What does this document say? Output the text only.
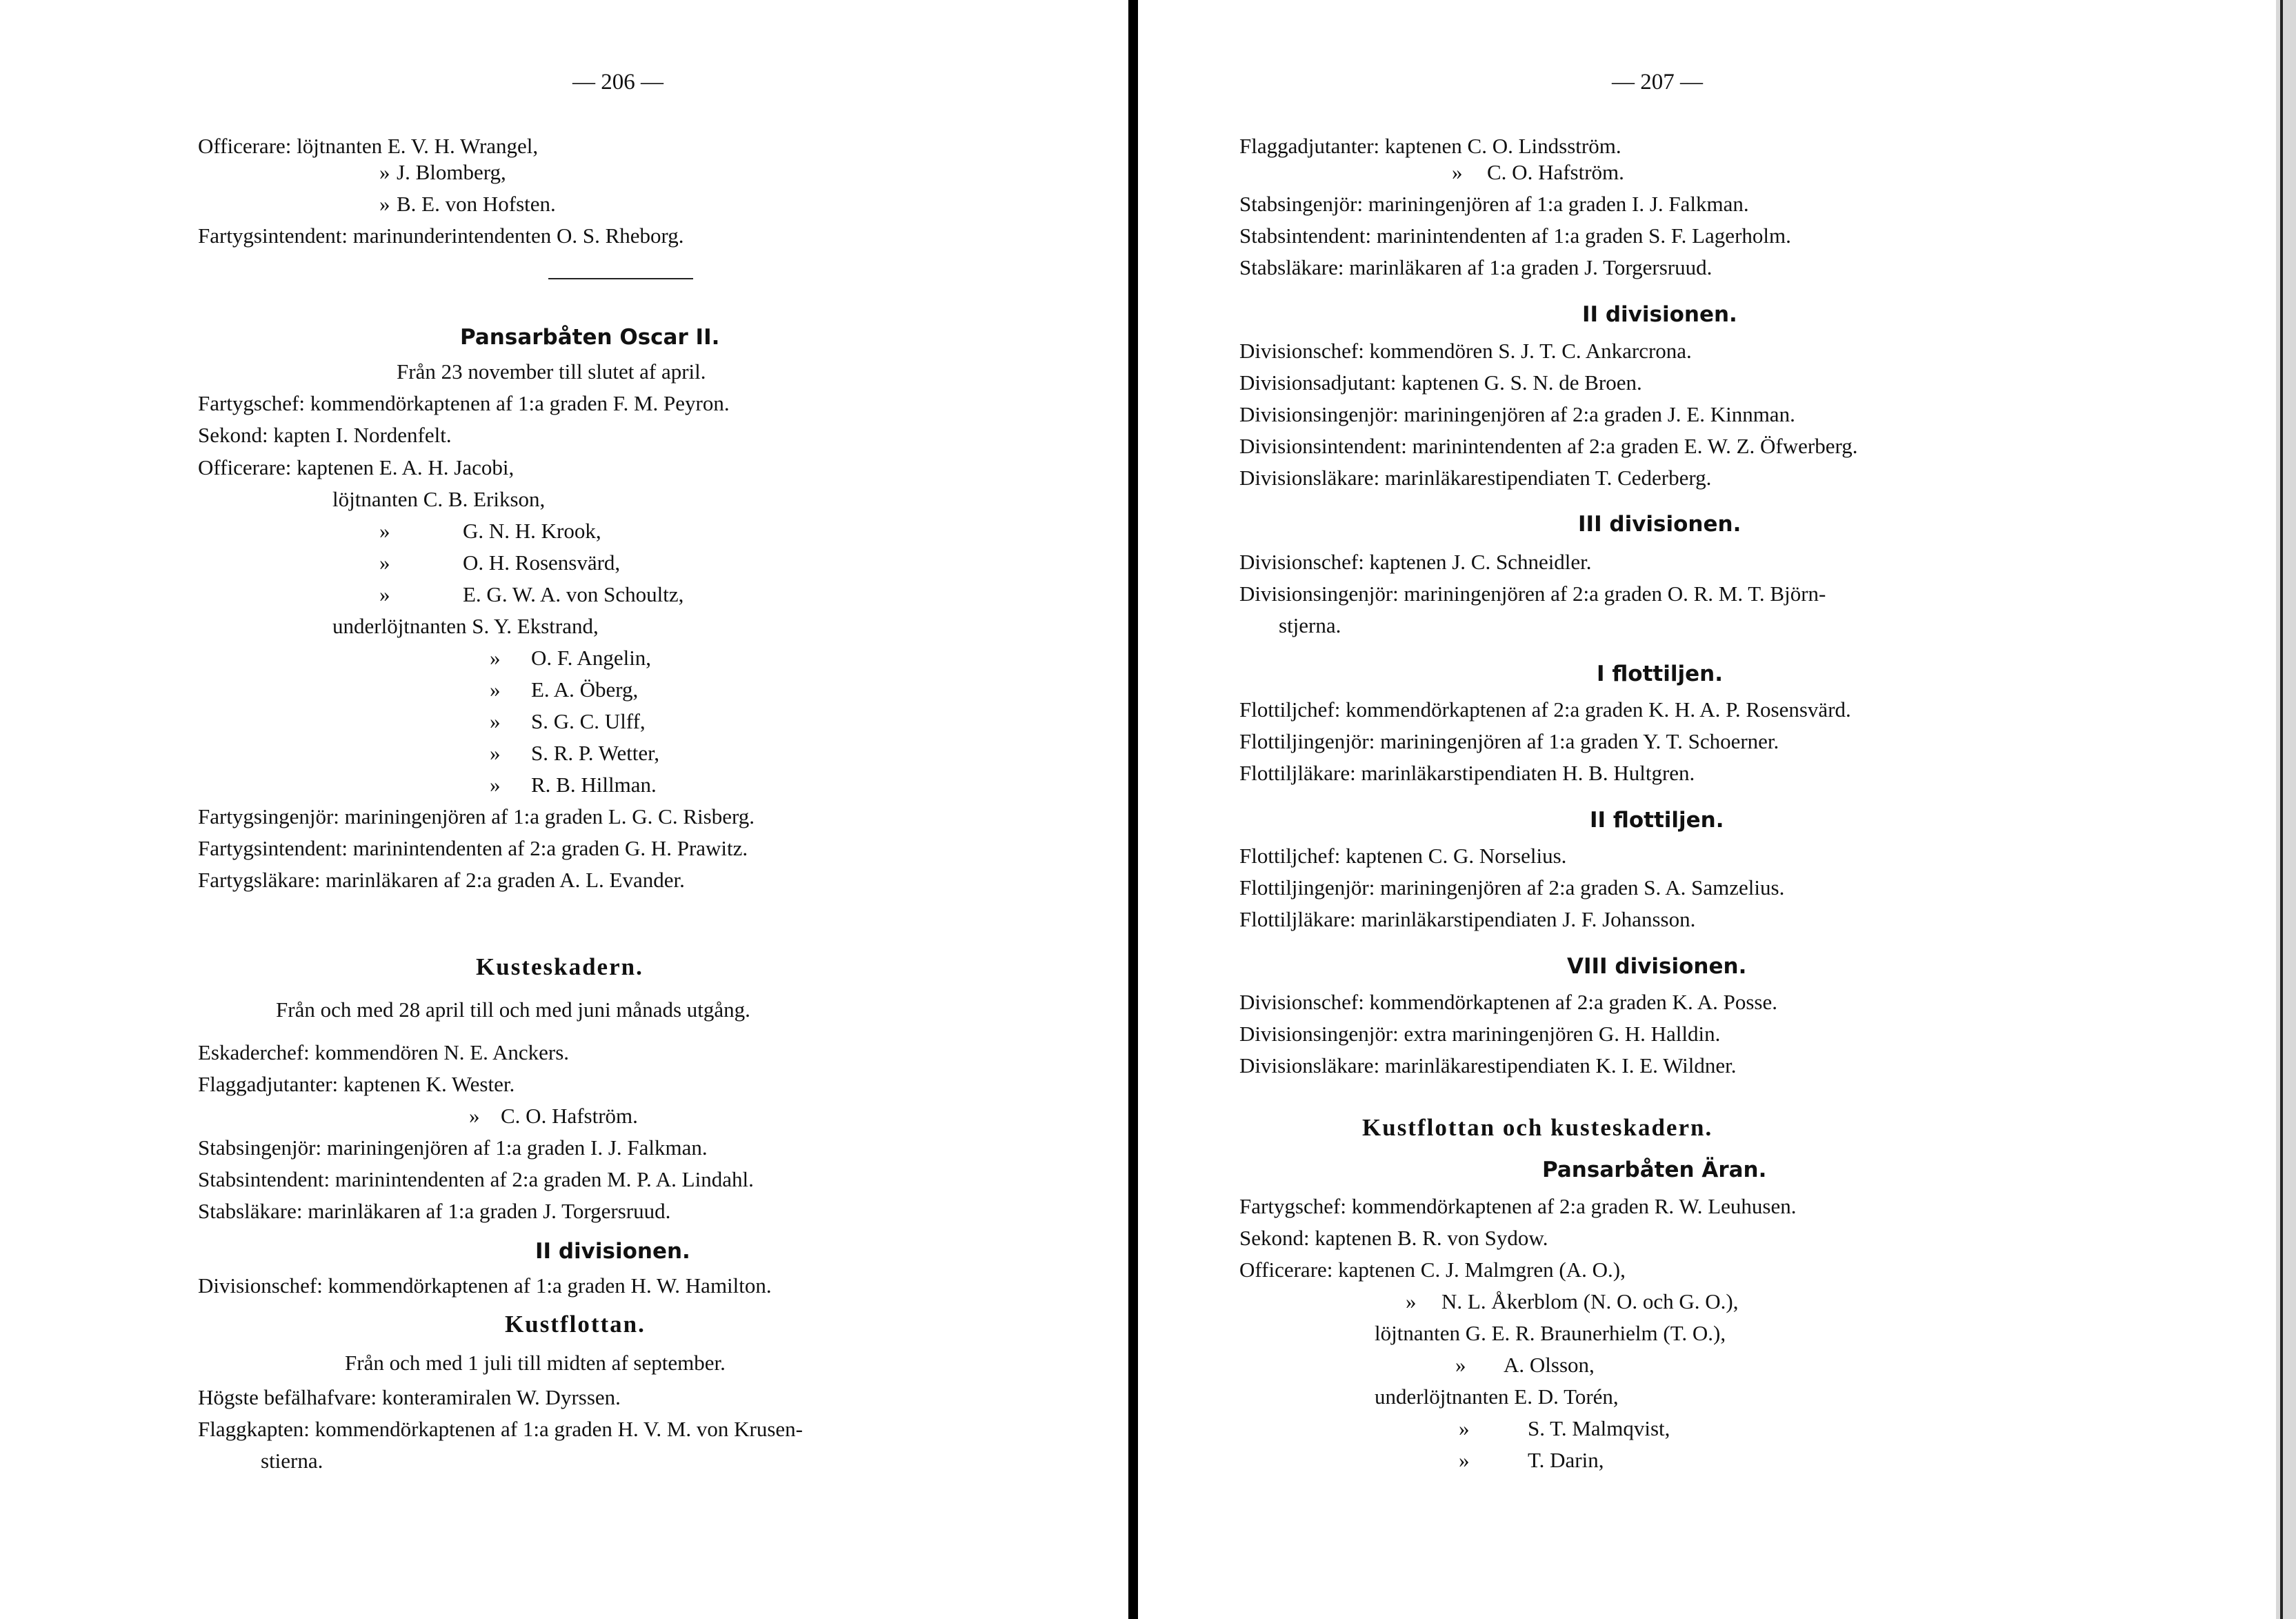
— 206 —
Officerare: löjtnanten E. V. H. Wrangel,
» J. Blomberg,
» B. E. von Hofsten.
Fartygsintendent: marinunderintendenten O. S. Rheborg.
Pansarbåten Oscar II.
Från 23 november till slutet af april.
Fartygschef: kommendörkaptenen af 1:a graden F. M. Peyron.
Sekond: kapten I. Nordenfelt.
Officerare: kaptenen E. A. H. Jacobi,
löjtnanten C. B. Erikson,
»	G. N. H. Krook,
»	O. H. Rosensvärd,
»	E. G. W. A. von Schoultz,
underlöjtnanten S. Y. Ekstrand,
» O. F. Angelin,
» E. A. Öberg,
» S. G. C. Ulff,
» S. R. P. Wetter,
» R. B. Hillman.
Fartygsingenjör: mariningenjören af 1:a graden L. G. C. Risberg.
Fartygsintendent: marinintendenten af 2:a graden G. H. Prawitz.
Fartygsläkare: marinläkaren af 2:a graden A. L. Evander.
Kusteskadern.
Från och med 28 april till och med juni månads utgång.
Eskaderchef: kommendören N. E. Anckers.
Flaggadjutanter: kaptenen K. Wester.
» C. O. Hafström.
Stabsingenjör: mariningenjören af 1:a graden I. J. Falkman.
Stabsintendent: marinintendenten af 2:a graden M. P. A. Lindahl.
Stabsläkare: marinläkaren af 1:a graden J. Torgersruud.
II divisionen.
Divisionschef: kommendörkaptenen af 1:a graden H. W. Hamilton.
Kustflottan.
Från och med 1 juli till midten af september.
Högste befälhafvare: konteramiralen W. Dyrssen.
Flaggkapten: kommendörkaptenen af 1:a graden H. V. M. von Krusen-
stierna.
— 207 —
Flaggadjutanter: kaptenen C. O. Lindsström.
» C. O. Hafström.
Stabsingenjör: mariningenjören af 1:a graden I. J. Falkman.
Stabsintendent: marinintendenten af 1:a graden S. F. Lagerholm.
Stabsläkare: marinläkaren af 1:a graden J. Torgersruud.
II divisionen.
Divisionschef: kommendören S. J. T. C. Ankarcrona.
Divisionsadjutant: kaptenen G. S. N. de Broen.
Divisionsingenjör: mariningenjören af 2:a graden J. E. Kinnman.
Divisionsintendent: marinintendenten af 2:a graden E. W. Z. Öfwerberg.
Divisionsläkare: marinläkarestipendiaten T. Cederberg.
III divisionen.
Divisionschef: kaptenen J. C. Schneidler.
Divisionsingenjör: mariningenjören af 2:a graden O. R. M. T. Björn-
stjerna.
I flottiljen.
Flottiljchef: kommendörkaptenen af 2:a graden K. H. A. P. Rosensvärd.
Flottiljingenjör: mariningenjören af 1:a graden Y. T. Schoerner.
Flottiljläkare: marinläkarstipendiaten H. B. Hultgren.
II flottiljen.
Flottiljchef: kaptenen C. G. Norselius.
Flottiljingenjör: mariningenjören af 2:a graden S. A. Samzelius.
Flottiljläkare: marinläkarstipendiaten J. F. Johansson.
VIII divisionen.
Divisionschef: kommendörkaptenen af 2:a graden K. A. Posse.
Divisionsingenjör: extra mariningenjören G. H. Halldin.
Divisionsläkare: marinläkarestipendiaten K. I. E. Wildner.
Kustflottan och kusteskadern.
Pansarbåten Äran.
Fartygschef: kommendörkaptenen af 2:a graden R. W. Leuhusen.
Sekond: kaptenen B. R. von Sydow.
Officerare: kaptenen C. J. Malmgren (A. O.),
» N. L. Åkerblom (N. O. och G. O.),
löjtnanten G. E. R. Braunerhielm (T. O.),
» A. Olsson,
underlöjtnanten E. D. Torén,
»	S. T. Malmqvist,
»	T. Darin,
